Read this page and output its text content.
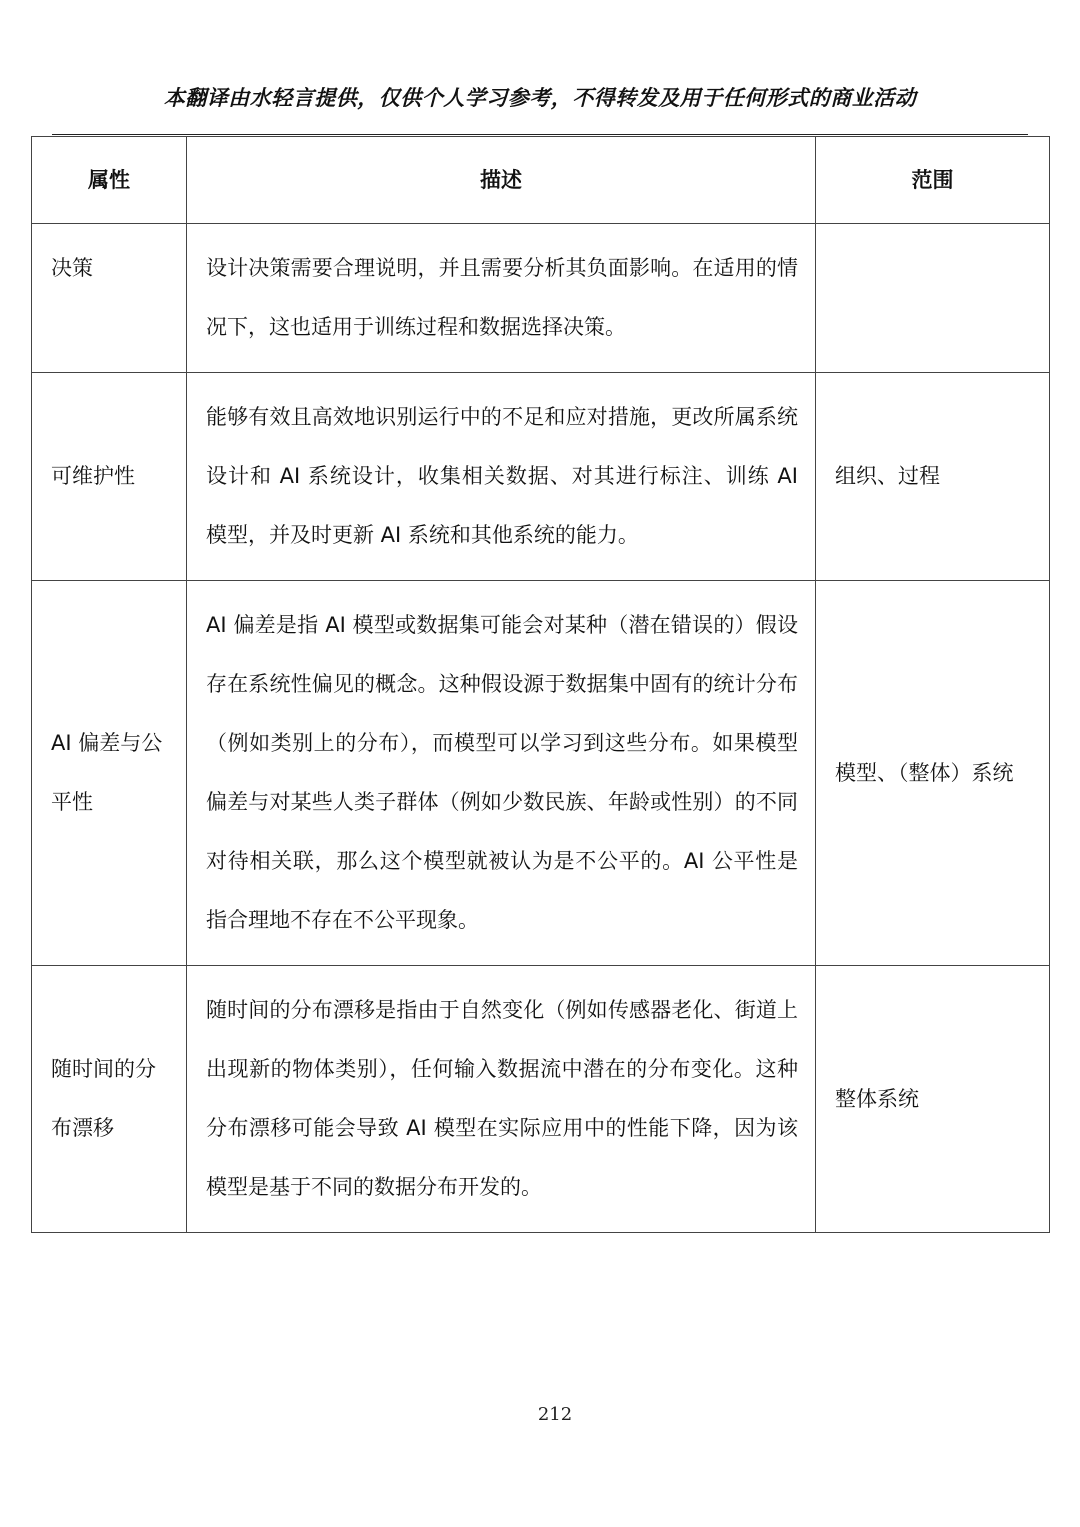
本翻译由水轻言提供，仅供个人学习参考，不得转发及用于任何形式的商业活动
属性	描述	范围
决策	设计决策需要合理说明，并且需要分析其负面影响。在适用的情况下，这也适用于训练过程和数据选择决策。	
可维护性	能够有效且高效地识别运行中的不足和应对措施，更改所属系统设计和 AI 系统设计，收集相关数据、对其进行标注、训练 AI 模型，并及时更新 AI 系统和其他系统的能力。	组织、过程
AI 偏差与公平性	AI 偏差是指 AI 模型或数据集可能会对某种（潜在错误的）假设存在系统性偏见的概念。这种假设源于数据集中固有的统计分布（例如类别上的分布），而模型可以学习到这些分布。如果模型偏差与对某些人类子群体（例如少数民族、年龄或性别）的不同对待相关联，那么这个模型就被认为是不公平的。AI 公平性是指合理地不存在不公平现象。	模型、（整体）系统
随时间的分布漂移	随时间的分布漂移是指由于自然变化（例如传感器老化、街道上出现新的物体类别），任何输入数据流中潜在的分布变化。这种分布漂移可能会导致 AI 模型在实际应用中的性能下降，因为该模型是基于不同的数据分布开发的。	整体系统
212
